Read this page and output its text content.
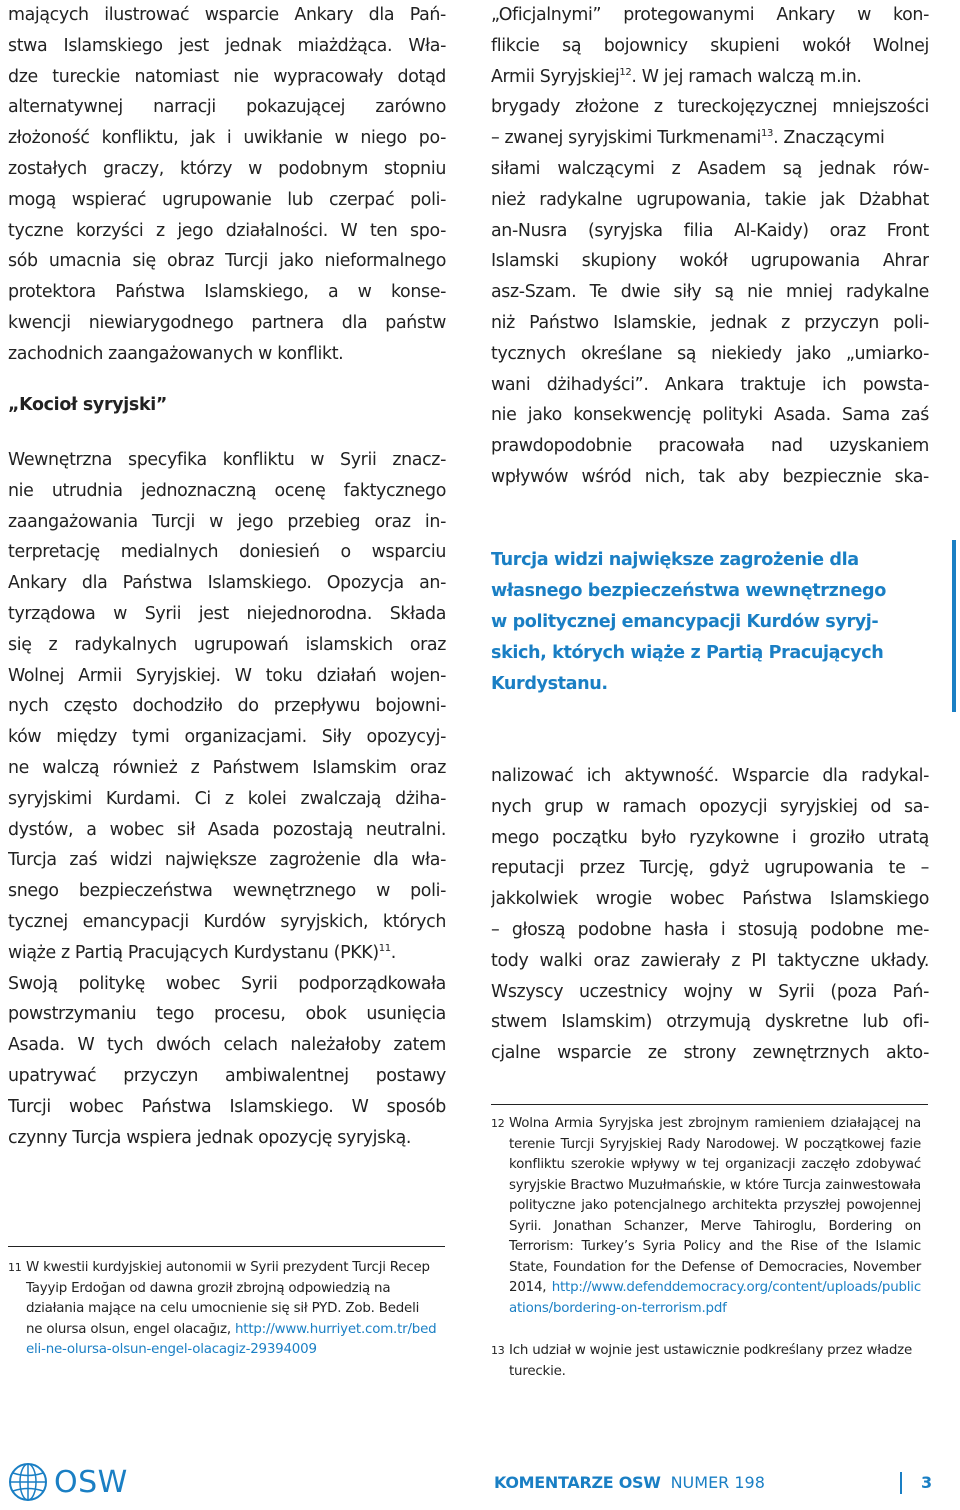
mających ilustrować wsparcie Ankary dla Pań-
stwa Islamskiego jest jednak miażdżąca. Wła-
dze tureckie natomiast nie wypracowały dotąd
alternatywnej narracji pokazującej zarówno
złożoność konfliktu, jak i uwikłanie w niego po-
zostałych graczy, którzy w podobnym stopniu
mogą wspierać ugrupowanie lub czerpać poli-
tyczne korzyści z jego działalności. W ten spo-
sób umacnia się obraz Turcji jako nieformalnego
protektora Państwa Islamskiego, a w konse-
kwencji niewiarygodnego partnera dla państw
zachodnich zaangażowanych w konflikt.

„Kocioł syryjski”

Wewnętrzna specyfika konfliktu w Syrii znacz-
nie utrudnia jednoznaczną ocenę faktycznego
zaangażowania Turcji w jego przebieg oraz in-
terpretację medialnych doniesień o wsparciu
Ankary dla Państwa Islamskiego. Opozycja an-
tyrządowa w Syrii jest niejednorodna. Składa
się z radykalnych ugrupowań islamskich oraz
Wolnej Armii Syryjskiej. W toku działań wojen-
nych często dochodziło do przepływu bojowni-
ków między tymi organizacjami. Siły opozycyj-
ne walczą również z Państwem Islamskim oraz
syryjskimi Kurdami. Ci z kolei zwalczają dżiha-
dystów, a wobec sił Asada pozostają neutralni.
Turcja zaś widzi największe zagrożenie dla wła-
snego bezpieczeństwa wewnętrznego w poli-
tycznej emancypacji Kurdów syryjskich, których
wiąże z Partią Pracujących Kurdystanu (PKK)$^{11}$.
Swoją politykę wobec Syrii podporządkowała
powstrzymaniu tego procesu, obok usunięcia
Asada. W tych dwóch celach należałoby zatem
upatrywać przyczyn ambiwalentnej postawy
Turcji wobec Państwa Islamskiego. W sposób
czynny Turcja wspiera jednak opozycję syryjską.

11 W kwestii kurdyjskiej autonomii w Syrii prezydent Turcji Recep Tayyip Erdoğan od dawna groził zbrojną odpowiedzią na działania mające na celu umocnienie się sił PYD. Zob. Bedeli ne olursa olsun, engel olacağız, http://www.hurriyet.com.tr/bedeli-ne-olursa-olsun-engel-olacagiz-29394009

„Oficjalnymi” protegowanymi Ankary w kon-
flikcie są bojownicy skupieni wokół Wolnej
Armii Syryjskiej$^{12}$. W jej ramach walczą m.in.
brygady złożone z tureckojęzycznej mniejszości
– zwanej syryjskimi Turkmenami$^{13}$. Znaczącymi
siłami walczącymi z Asadem są jednak rów-
nież radykalne ugrupowania, takie jak Dżabhat
an-Nusra (syryjska filia Al-Kaidy) oraz Front
Islamski skupiony wokół ugrupowania Ahrar
asz-Szam. Te dwie siły są nie mniej radykalne
niż Państwo Islamskie, jednak z przyczyn poli-
tycznych określane są niekiedy jako „umiarko-
wani dżihadyści”. Ankara traktuje ich powsta-
nie jako konsekwencję polityki Asada. Sama zaś
prawdopodobnie pracowała nad uzyskaniem
wpływów wśród nich, tak aby bezpiecznie ska-

Turcja widzi największe zagrożenie dla
własnego bezpieczeństwa wewnętrznego
w politycznej emancypacji Kurdów syryj-
skich, których wiąże z Partią Pracujących
Kurdystanu.

nalizować ich aktywność. Wsparcie dla radykal-
nych grup w ramach opozycji syryjskiej od sa-
mego początku było ryzykowne i groziło utratą
reputacji przez Turcję, gdyż ugrupowania te –
jakkolwiek wrogie wobec Państwa Islamskiego
– głoszą podobne hasła i stosują podobne me-
tody walki oraz zawierały z PI taktyczne układy.
Wszyscy uczestnicy wojny w Syrii (poza Pań-
stwem Islamskim) otrzymują dyskretne lub ofi-
cjalne wsparcie ze strony zewnętrznych akto-

12 Wolna Armia Syryjska jest zbrojnym ramieniem działającej na terenie Turcji Syryjskiej Rady Narodowej. W początkowej fazie konfliktu szerokie wpływy w tej organizacji zaczęło zdobywać syryjskie Bractwo Muzułmańskie, w które Turcja zainwestowała polityczne jako potencjalnego architekta przyszłej powojennej Syrii. Jonathan Schanzer, Merve Tahiroglu, Bordering on Terrorism: Turkey’s Syria Policy and the Rise of the Islamic State, Foundation for the Defense of Democracies, November 2014, http://www.defenddemocracy.org/content/uploads/publications/bordering-on-terrorism.pdf
13 Ich udział w wojnie jest ustawicznie podkreślany przez władze tureckie.
OSW	KOMENTARZE OSW NUMER 198	3
